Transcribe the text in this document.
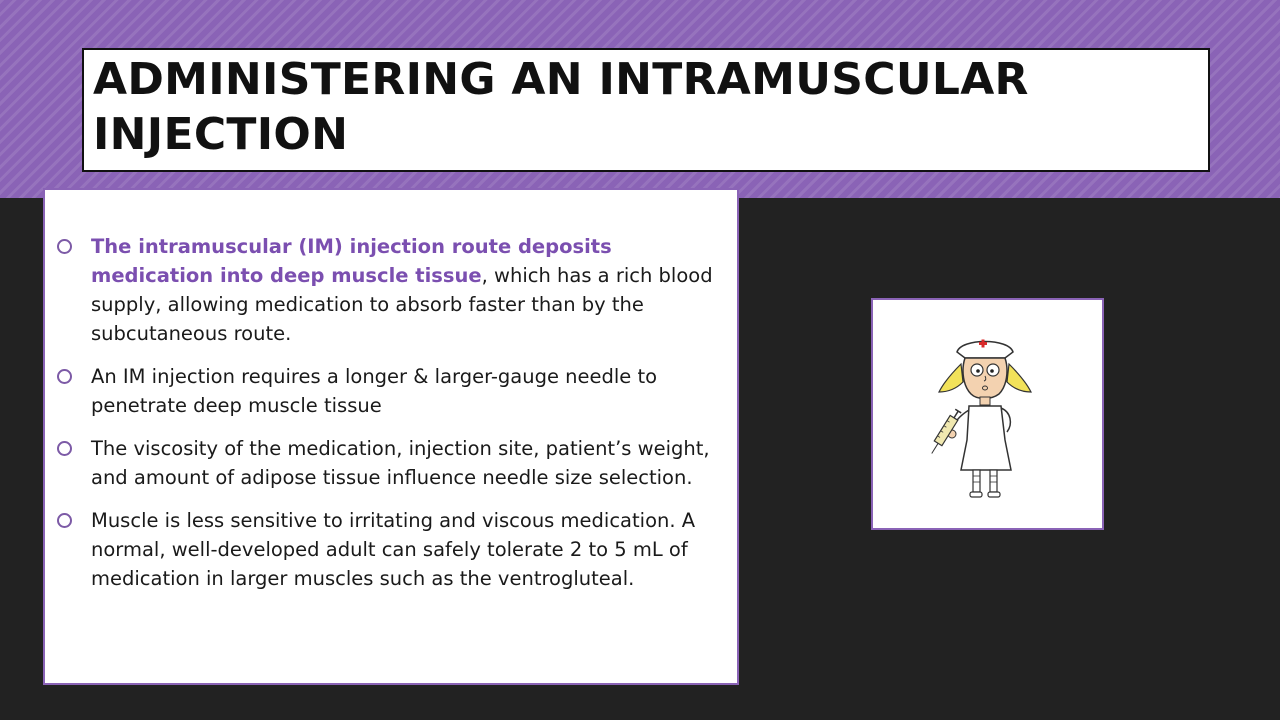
ADMINISTERING AN INTRAMUSCULAR INJECTION
The intramuscular (IM) injection route deposits medication into deep muscle tissue, which has a rich blood supply, allowing medication to absorb faster than by the subcutaneous route.
An IM injection requires a longer & larger-gauge needle to penetrate deep muscle tissue
The viscosity of the medication, injection site, patient’s weight, and amount of adipose tissue influence needle size selection.
Muscle is less sensitive to irritating and viscous medication. A normal, well-developed adult can safely tolerate 2 to 5 mL of medication in larger muscles such as the ventrogluteal.
